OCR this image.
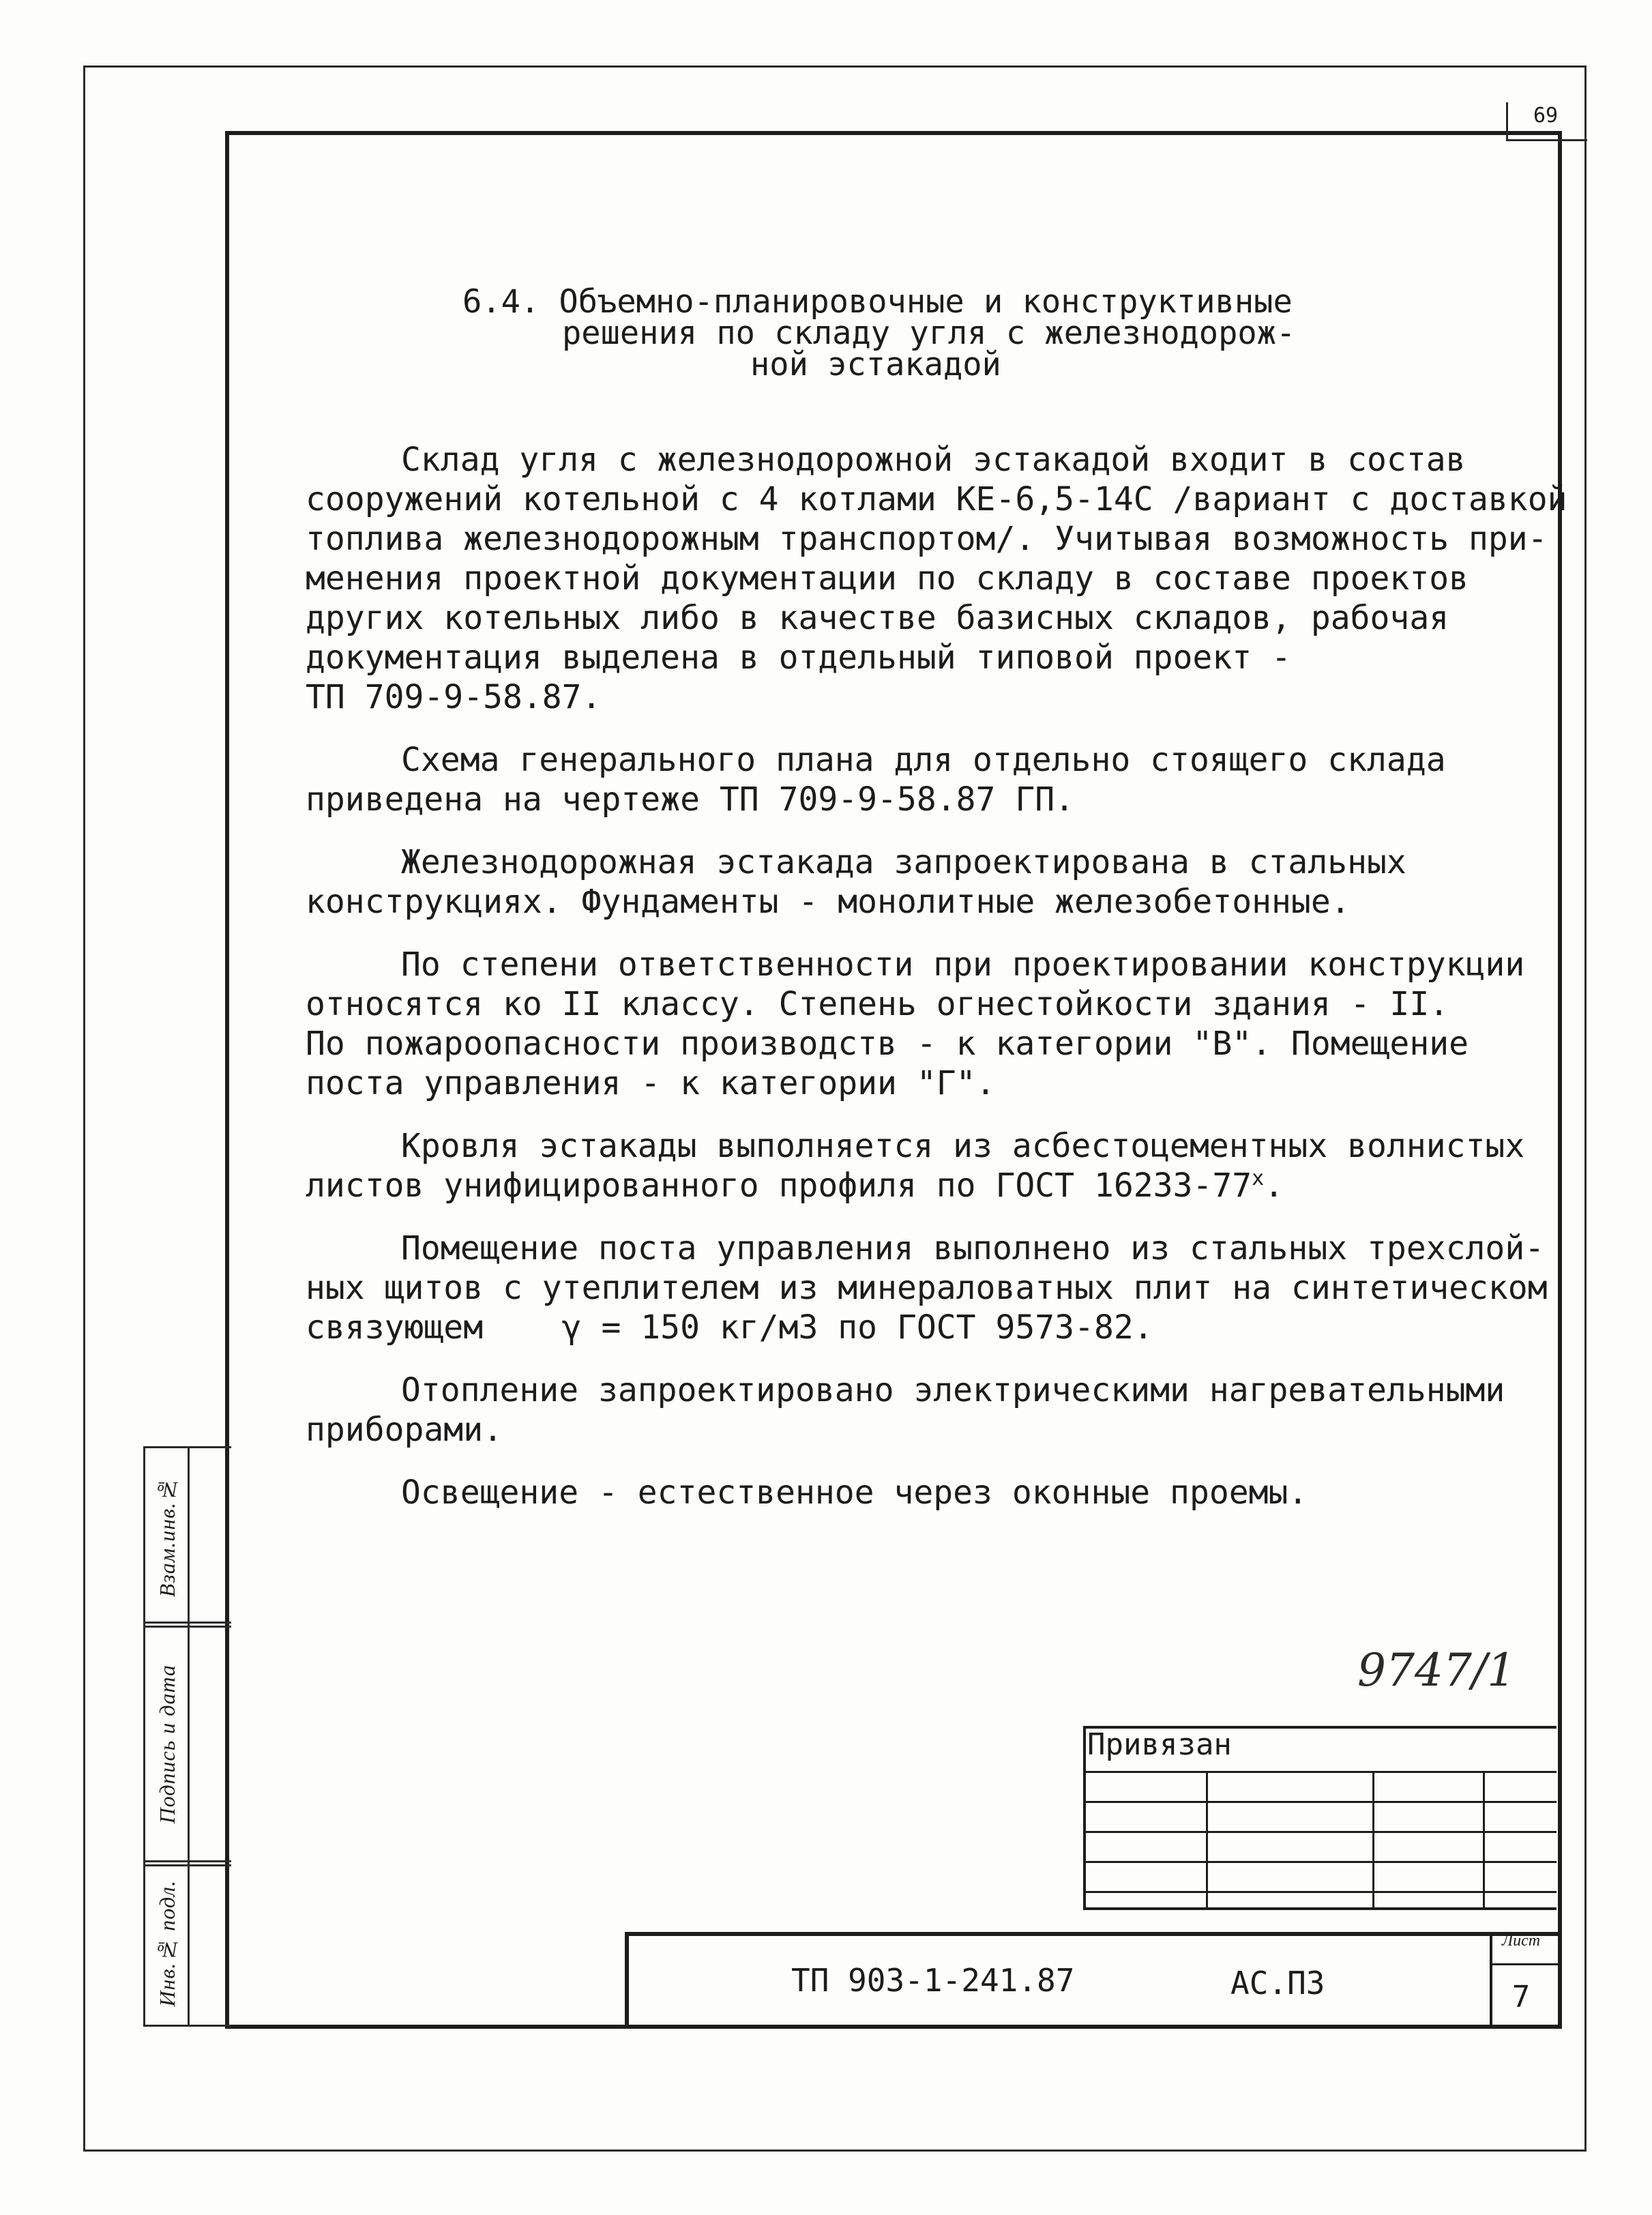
69
Взам.инв.№
Подпись и дата
Инв.№ подл.
6.4. Объемно-планировочные и конструктивные
решения по складу угля с железнодорож-
ной эстакадой
Склад угля с железнодорожной эстакадой входит в состав
сооружений котельной с 4 котлами КЕ-6,5-14С /вариант с доставкой
топлива железнодорожным транспортом/. Учитывая возможность при-
менения проектной документации по складу в составе проектов
других котельных либо в качестве базисных складов, рабочая
документация выделена в отдельный типовой проект -
ТП 709-9-58.87.
Схема генерального плана для отдельно стоящего склада
приведена на чертеже ТП 709-9-58.87 ГП.
Железнодорожная эстакада запроектирована в стальных
конструкциях. Фундаменты - монолитные железобетонные.
По степени ответственности при проектировании конструкции
относятся ко II классу. Степень огнестойкости здания - II.
По пожароопасности производств - к категории "В". Помещение
поста управления - к категории "Г".
Кровля эстакады выполняется из асбестоцементных волнистых
листов унифицированного профиля по ГОСТ $16233-77^х$.
Помещение поста управления выполнено из стальных трехслой-
ных щитов с утеплителем из минераловатных плит на синтетическом
связующем    γ = 150 кг/м3 по ГОСТ 9573-82.
Отопление запроектировано электрическими нагревательными
приборами.
Освещение - естественное через оконные проемы.
9747/1
Привязан
ТП 903-1-241.87	АС.ПЗ
Лист
7
